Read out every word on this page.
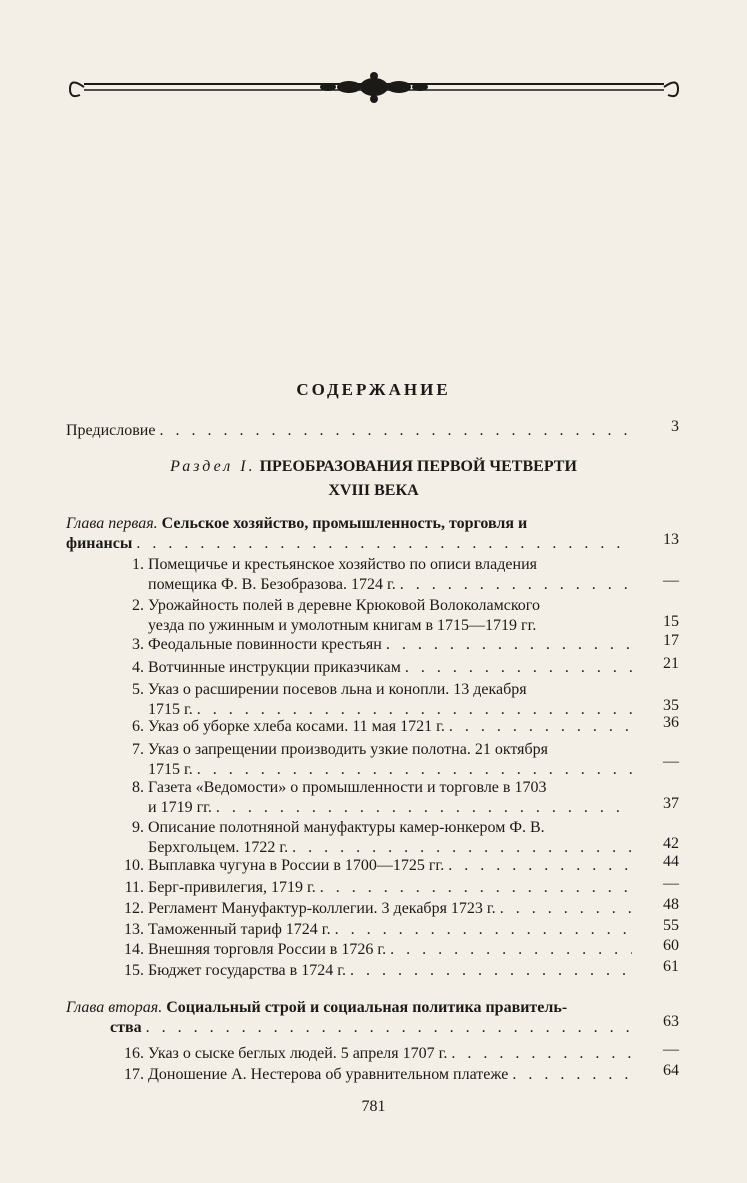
СОДЕРЖАНИЕ
Предисловие . . .	3
Раздел I. ПРЕОБРАЗОВАНИЯ ПЕРВОЙ ЧЕТВЕРТИ
XVIII ВЕКА
Глава первая. Сельское хозяйство, промышленность, торговля и
финансы . . .	13
1. Помещичье и крестьянское хозяйство по описи владения
помещика Ф. В. Безобразова. 1724 г. . . .	—
2. Урожайность полей в деревне Крюковой Волоколамского
уезда по ужинным и умолотным книгам в 1715—1719 гг.	15
3. Феодальные повинности крестьян . . .	17
4. Вотчинные инструкции приказчикам . . .	21
5. Указ о расширении посевов льна и конопли. 13 декабря
1715 г. . . .	35
6. Указ об уборке хлеба косами. 11 мая 1721 г. . . .	36
7. Указ о запрещении производить узкие полотна. 21 октября
1715 г. . . .	—
8. Газета «Ведомости» о промышленности и торговле в 1703
и 1719 гг. . . .	37
9. Описание полотняной мануфактуры камер-юнкером Ф. В.
Берхгольцем. 1722 г. . . .	42
10. Выплавка чугуна в России в 1700—1725 гг. . . .	44
11. Берг-привилегия, 1719 г. . . .	—
12. Регламент Мануфактур-коллегии. 3 декабря 1723 г. . . .	48
13. Таможенный тариф 1724 г. . . .	55
14. Внешняя торговля России в 1726 г. . . .	60
15. Бюджет государства в 1724 г. . . .	61
Глава вторая. Социальный строй и социальная политика правитель-
ства . . .	63
16. Указ о сыске беглых людей. 5 апреля 1707 г. . . .	—
17. Доношение А. Нестерова об уравнительном платеже . . .	64
781
